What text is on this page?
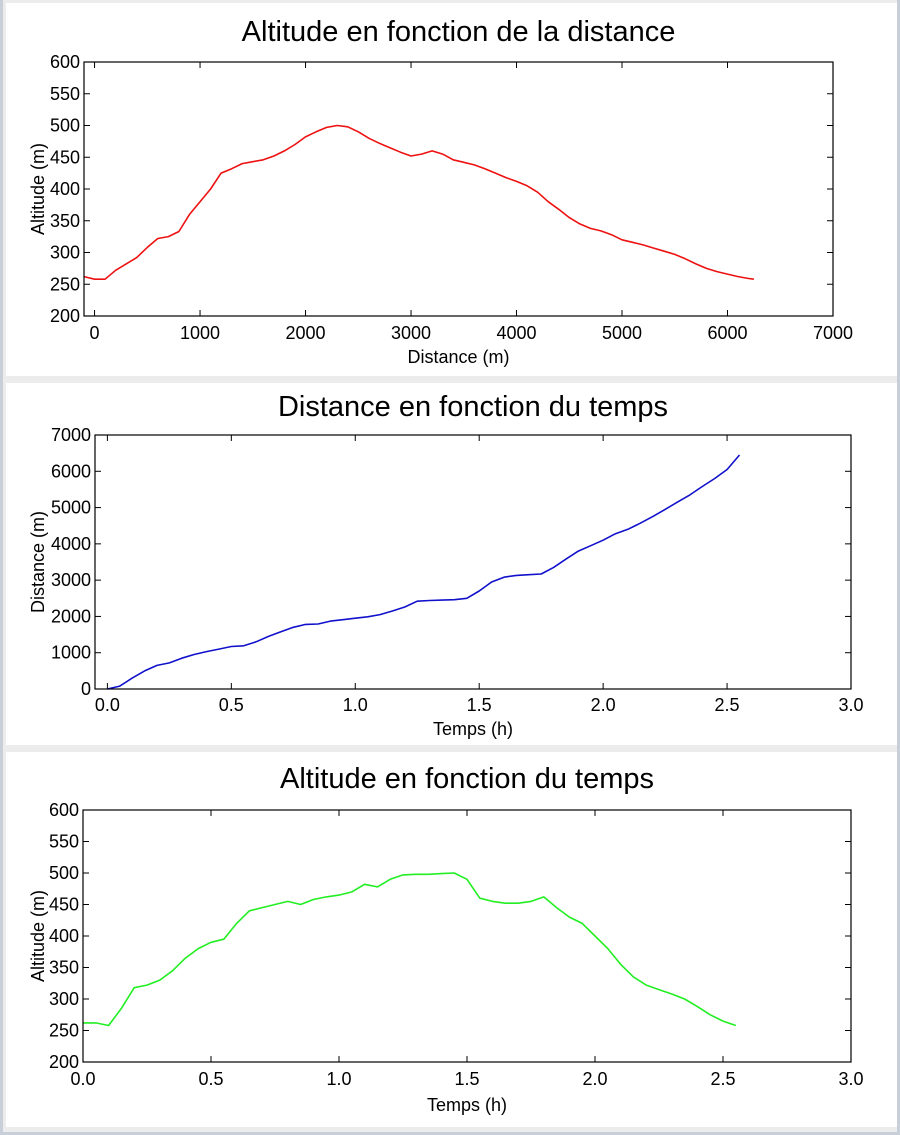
Altitude en fonction de la distance
Distance (m)
Altitude (m)
0	1000	2000	3000	4000	5000	6000	7000
200
250
300
350
400
450
500
550
600
Distance en fonction du temps
Temps (h)
Distance (m)
0.0	0.5	1.0	1.5	2.0	2.5	3.0
0
1000
2000
3000
4000
5000
6000
7000
Altitude en fonction du temps
Temps (h)
Altitude (m)
0.0	0.5	1.0	1.5	2.0	2.5	3.0
200
250
300
350
400
450
500
550
600
